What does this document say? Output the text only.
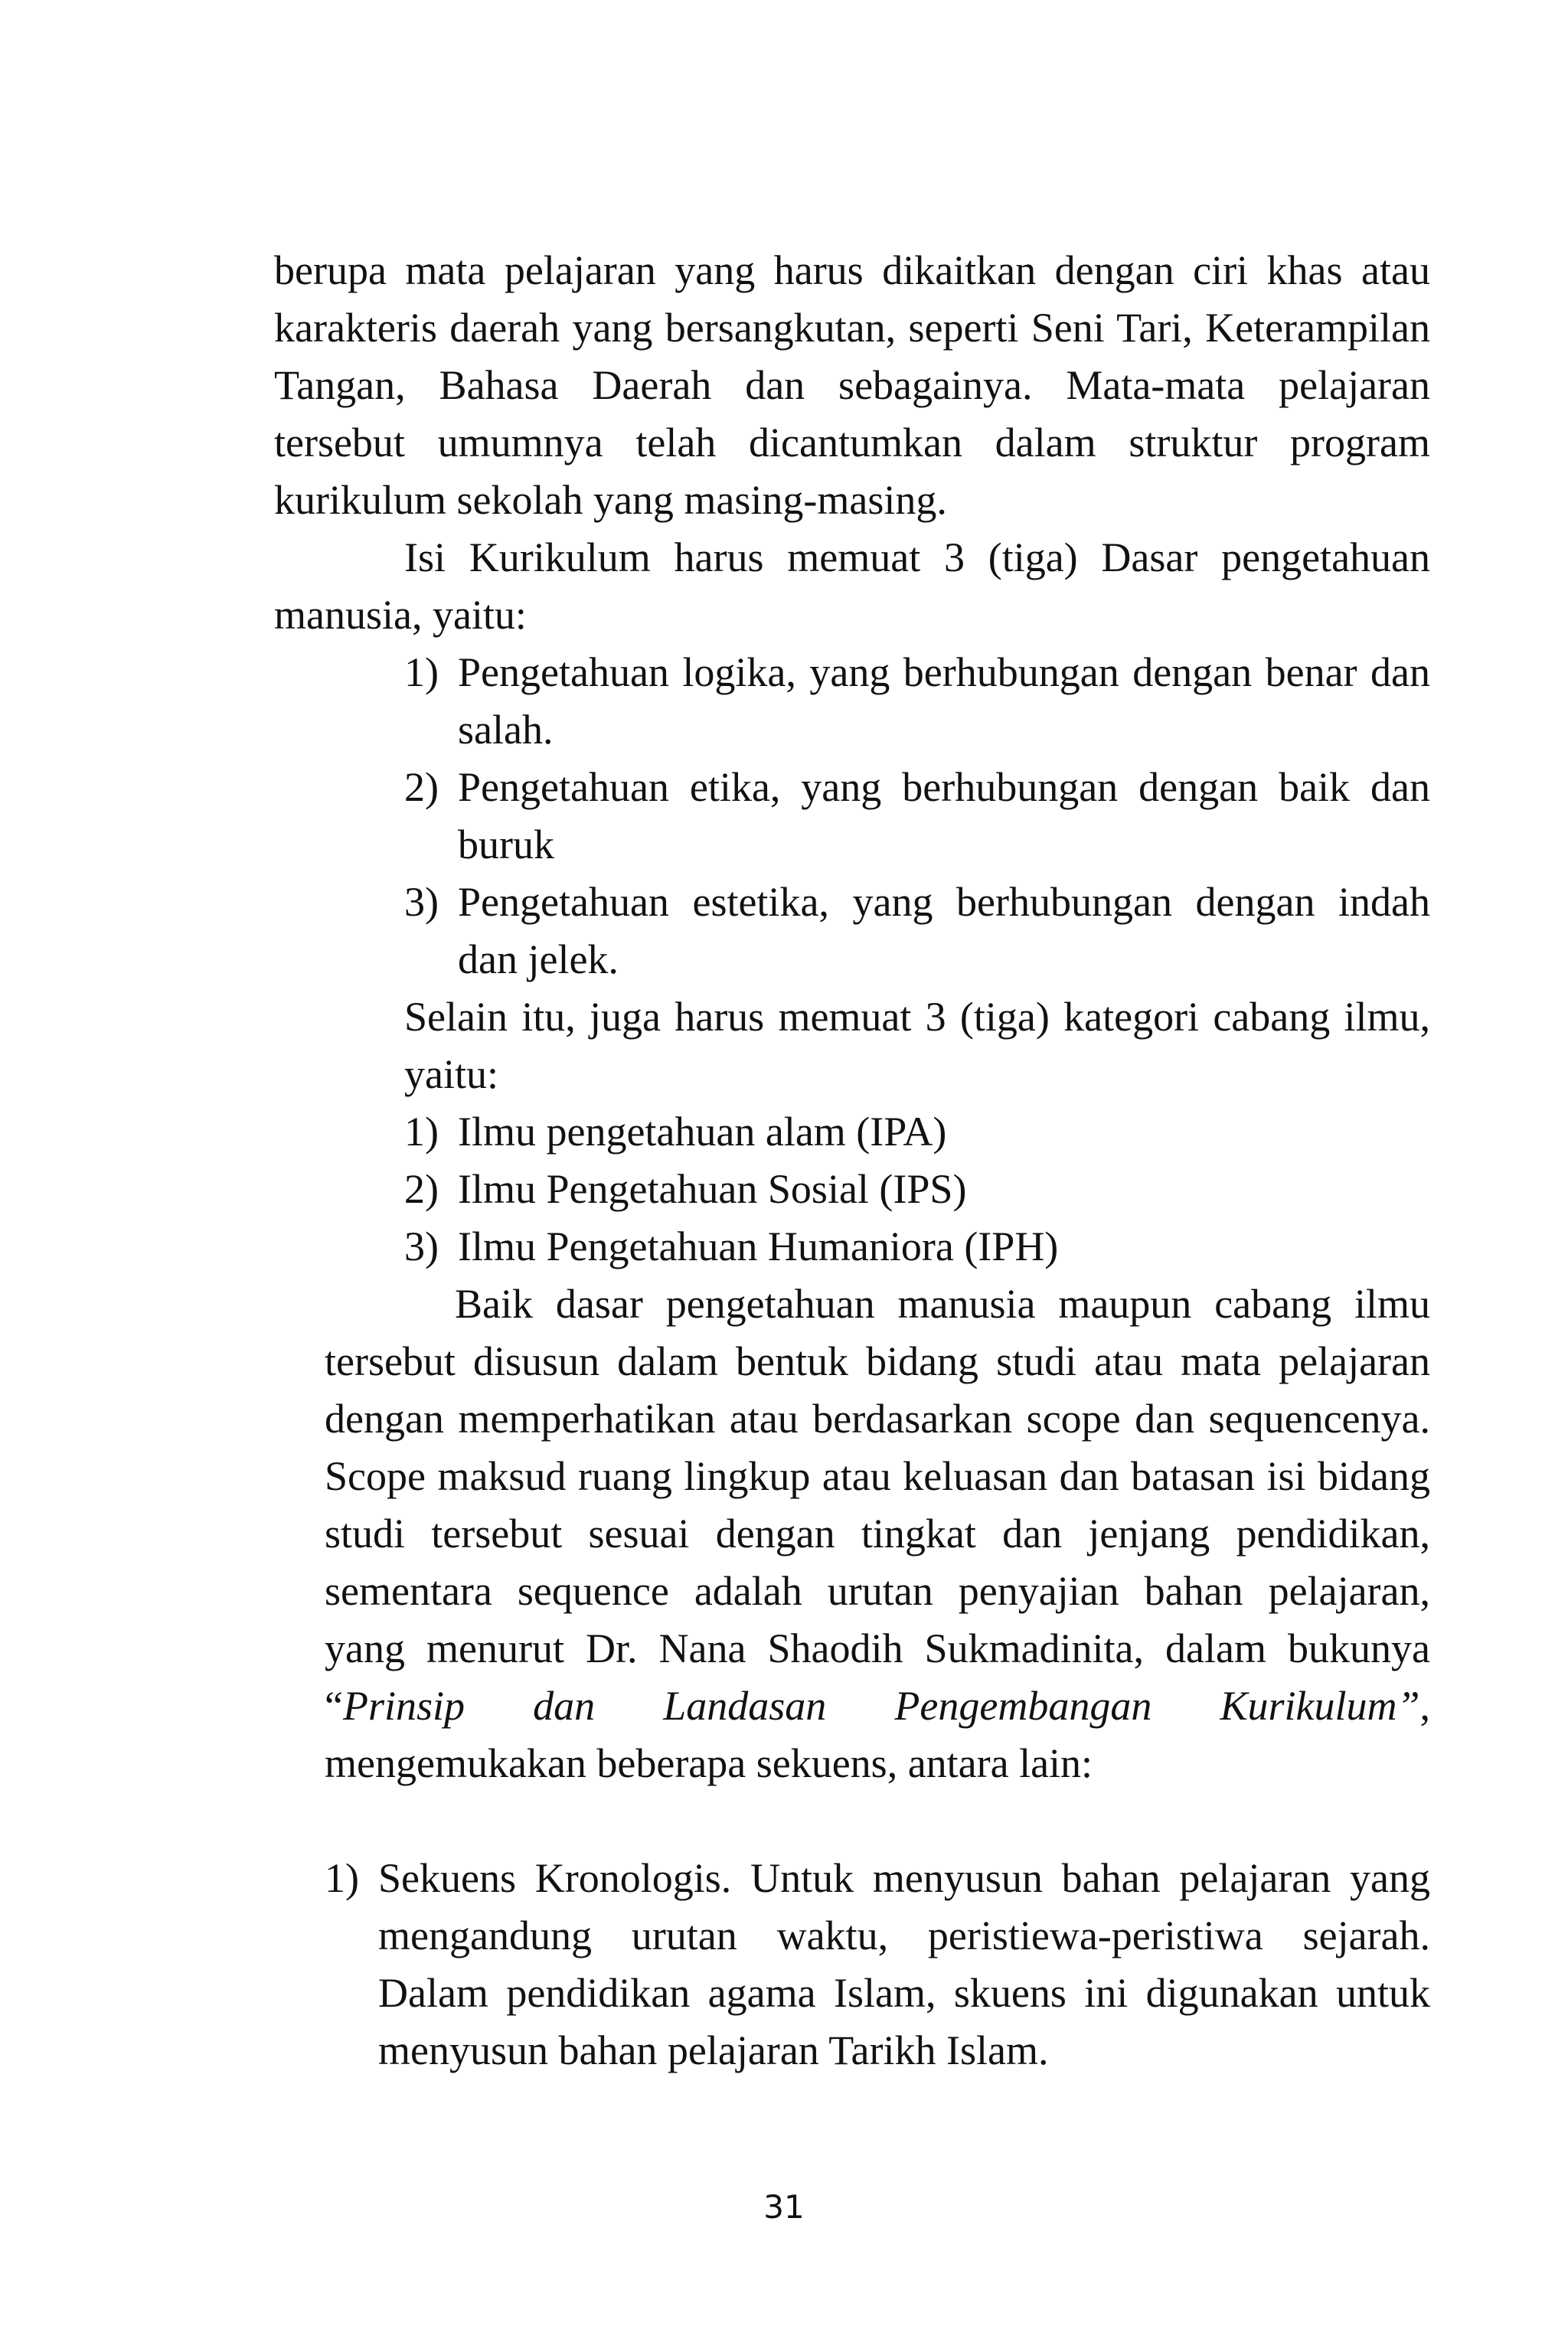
berupa mata pelajaran yang harus dikaitkan dengan ciri khas atau karakteris daerah yang bersangkutan, seperti Seni Tari, Keterampilan Tangan, Bahasa Daerah dan sebagainya. Mata-mata pelajaran tersebut umumnya telah dicantumkan dalam struktur program kurikulum sekolah yang masing-masing.
Isi Kurikulum harus memuat 3 (tiga) Dasar pengetahuan manusia, yaitu:
1) Pengetahuan logika, yang berhubungan dengan benar dan salah.
2) Pengetahuan etika, yang berhubungan dengan baik dan buruk
3) Pengetahuan estetika, yang berhubungan dengan indah dan jelek.
Selain itu, juga harus memuat 3 (tiga) kategori cabang ilmu, yaitu:
1) Ilmu pengetahuan alam (IPA)
2) Ilmu Pengetahuan Sosial (IPS)
3) Ilmu Pengetahuan Humaniora (IPH)
Baik dasar pengetahuan manusia maupun cabang ilmu tersebut disusun dalam bentuk bidang studi atau mata pelajaran dengan memperhatikan atau berdasarkan scope dan sequencenya. Scope maksud ruang lingkup atau keluasan dan batasan isi bidang studi tersebut sesuai dengan tingkat dan jenjang pendidikan, sementara sequence adalah urutan penyajian bahan pelajaran, yang menurut Dr. Nana Shaodih Sukmadinita, dalam bukunya “Prinsip dan Landasan Pengembangan Kurikulum”, mengemukakan beberapa sekuens, antara lain:
1) Sekuens Kronologis. Untuk menyusun bahan pelajaran yang mengandung urutan waktu, peristiewa-peristiwa sejarah. Dalam pendidikan agama Islam, skuens ini digunakan untuk menyusun bahan pelajaran Tarikh Islam.
31
